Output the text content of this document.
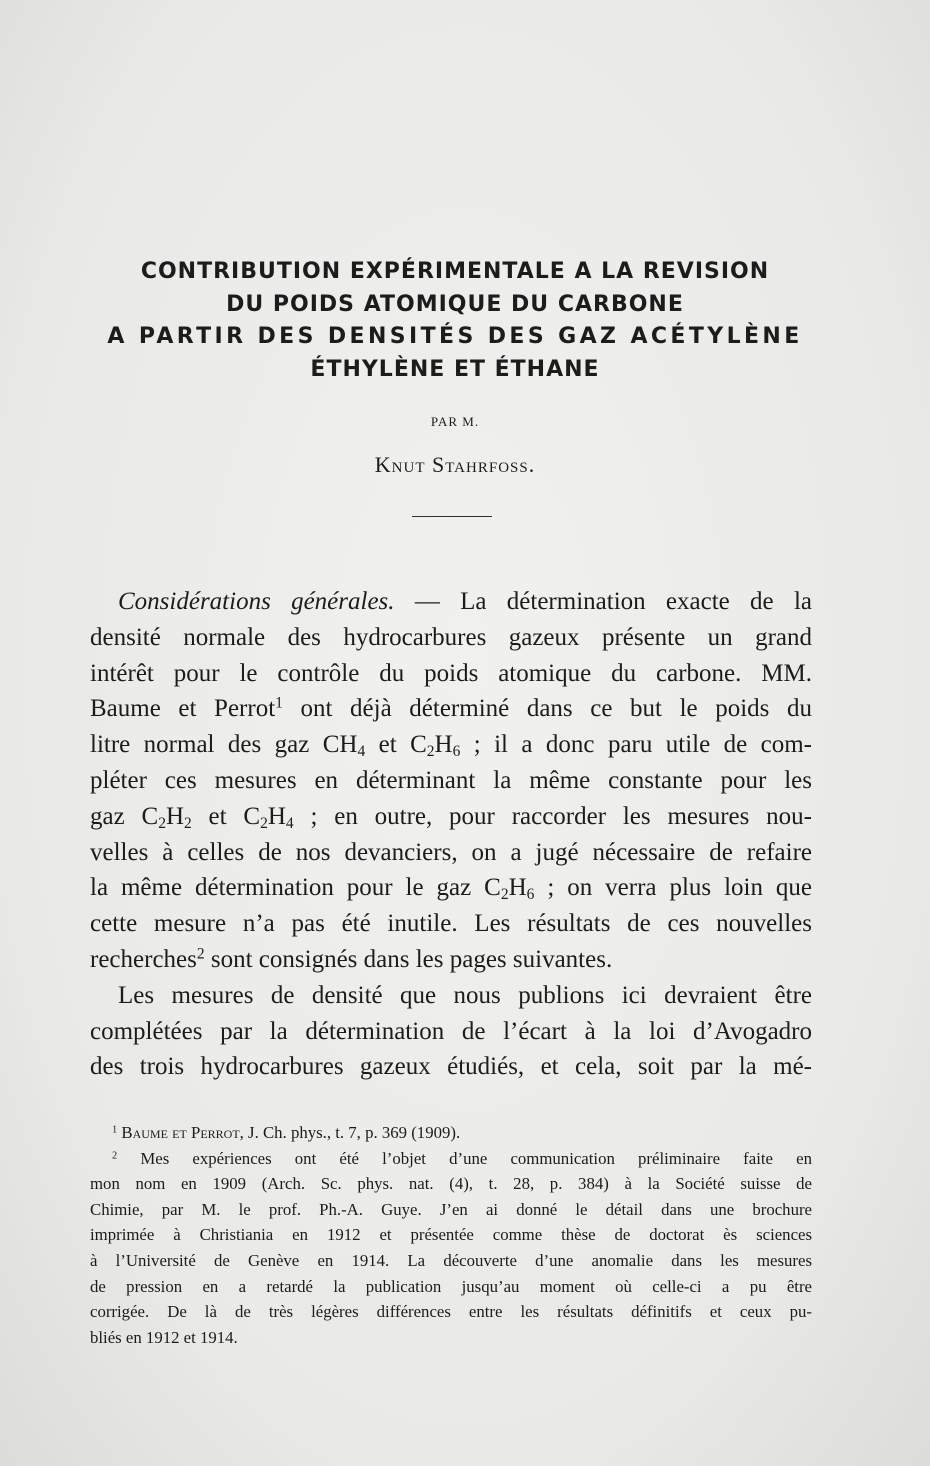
CONTRIBUTION EXPÉRIMENTALE A LA REVISION
DU POIDS ATOMIQUE DU CARBONE
A PARTIR DES DENSITÉS DES GAZ ACÉTYLÈNE
ÉTHYLÈNE ET ÉTHANE
PAR M.
Knut Stahrfoss.
Considérations générales. — La détermination exacte de la
densité normale des hydrocarbures gazeux présente un grand
intérêt pour le contrôle du poids atomique du carbone. MM.
Baume et Perrot$^1$ ont déjà déterminé dans ce but le poids du
litre normal des gaz $CH_4$ et $C_2H_6$ ; il a donc paru utile de com-
pléter ces mesures en déterminant la même constante pour les
gaz $C_2H_2$ et $C_2H_4$ ; en outre, pour raccorder les mesures nou-
velles à celles de nos devanciers, on a jugé nécessaire de refaire
la même détermination pour le gaz $C_2H_6$ ; on verra plus loin que
cette mesure n’a pas été inutile. Les résultats de ces nouvelles
recherches$^2$ sont consignés dans les pages suivantes.
Les mesures de densité que nous publions ici devraient être
complétées par la détermination de l’écart à la loi d’Avogadro
des trois hydrocarbures gazeux étudiés, et cela, soit par la mé-
$^1$ Baume et Perrot, J. Ch. phys., t. 7, p. 369 (1909).
$^2$ Mes expériences ont été l’objet d’une communication préliminaire faite en
mon nom en 1909 (Arch. Sc. phys. nat. (4), t. 28, p. 384) à la Société suisse de
Chimie, par M. le prof. Ph.-A. Guye. J’en ai donné le détail dans une brochure
imprimée à Christiania en 1912 et présentée comme thèse de doctorat ès sciences
à l’Université de Genève en 1914. La découverte d’une anomalie dans les mesures
de pression en a retardé la publication jusqu’au moment où celle-ci a pu être
corrigée. De là de très légères différences entre les résultats définitifs et ceux pu-
bliés en 1912 et 1914.
